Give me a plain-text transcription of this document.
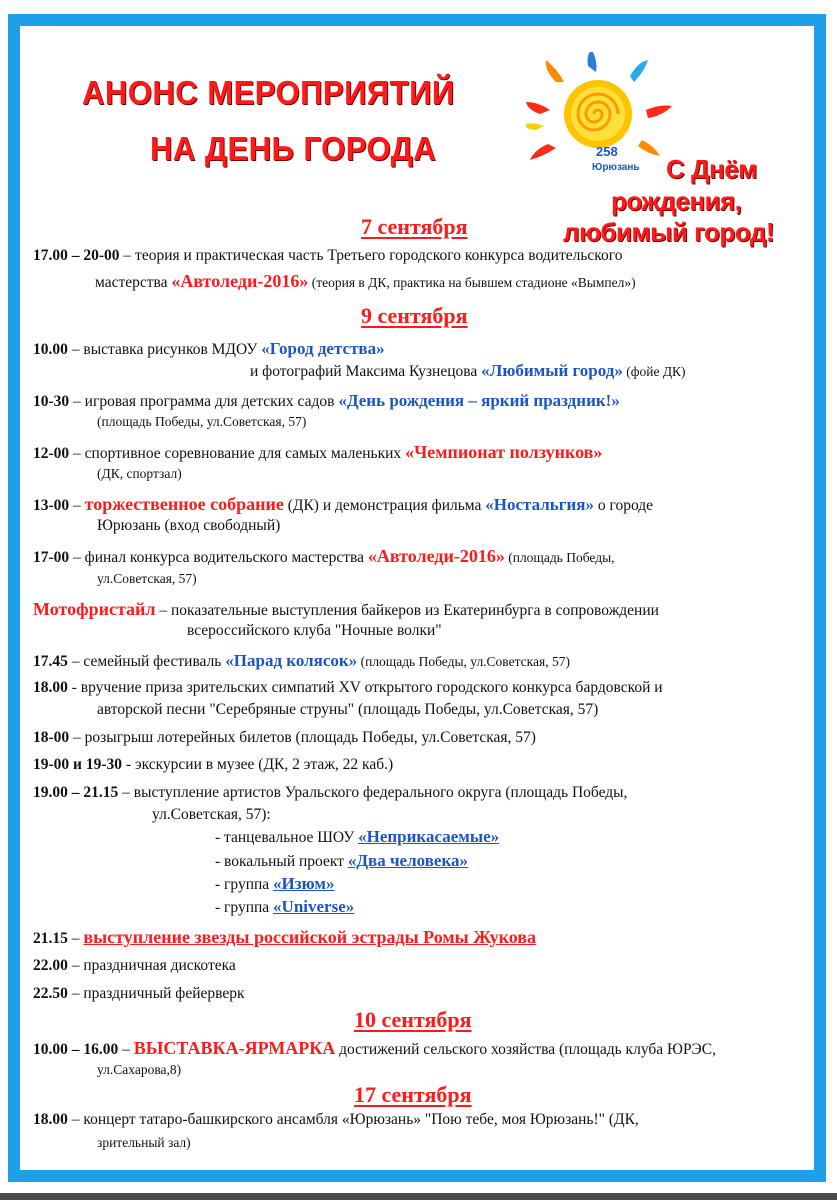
АНОНС МЕРОПРИЯТИЙ
НА ДЕНЬ ГОРОДА	258
Юрюзань С Днём
рождения,
любимый город!
7 сентября
17.00 – 20-00 – теория и практическая часть Третьего городского конкурса водительского
мастерства «Автоледи-2016» (теория в ДК, практика на бывшем стадионе «Вымпел»)
9 сентября
10.00 – выставка рисунков МДОУ «Город детства»
и фотографий Максима Кузнецова «Любимый город» (фойе ДК)
10-30 – игровая программа для детских садов «День рождения – яркий праздник!»
(площадь Победы, ул.Советская, 57)
12-00 – спортивное соревнование для самых маленьких «Чемпионат ползунков»
(ДК, спортзал)
13-00 – торжественное собрание (ДК) и демонстрация фильма «Ностальгия» о городе
Юрюзань (вход свободный)
17-00 – финал конкурса водительского мастерства «Автоледи-2016» (площадь Победы,
ул.Советская, 57)
Мотофристайл – показательные выступления байкеров из Екатеринбурга в сопровождении
всероссийского клуба "Ночные волки"
17.45 – семейный фестиваль «Парад колясок» (площадь Победы, ул.Советская, 57)
18.00 - вручение приза зрительских симпатий XV открытого городского конкурса бардовской и
авторской песни "Серебряные струны" (площадь Победы, ул.Советская, 57)
18-00 – розыгрыш лотерейных билетов (площадь Победы, ул.Советская, 57)
19-00 и 19-30 - экскурсии в музее (ДК, 2 этаж, 22 каб.)
19.00 – 21.15 – выступление артистов Уральского федерального округа (площадь Победы,
ул.Советская, 57):
- танцевальное ШОУ «Неприкасаемые»
- вокальный проект «Два человека»
- группа «Изюм»
- группа «Universe»
21.15 – выступление звезды российской эстрады Ромы Жукова
22.00 – праздничная дискотека
22.50 – праздничный фейерверк
10 сентября
10.00 – 16.00 – ВЫСТАВКА-ЯРМАРКА достижений сельского хозяйства (площадь клуба ЮРЭС,
ул.Сахарова,8)
17 сентября
18.00 – концерт татаро-башкирского ансамбля «Юрюзань» "Пою тебе, моя Юрюзань!" (ДК,
зрительный зал)
